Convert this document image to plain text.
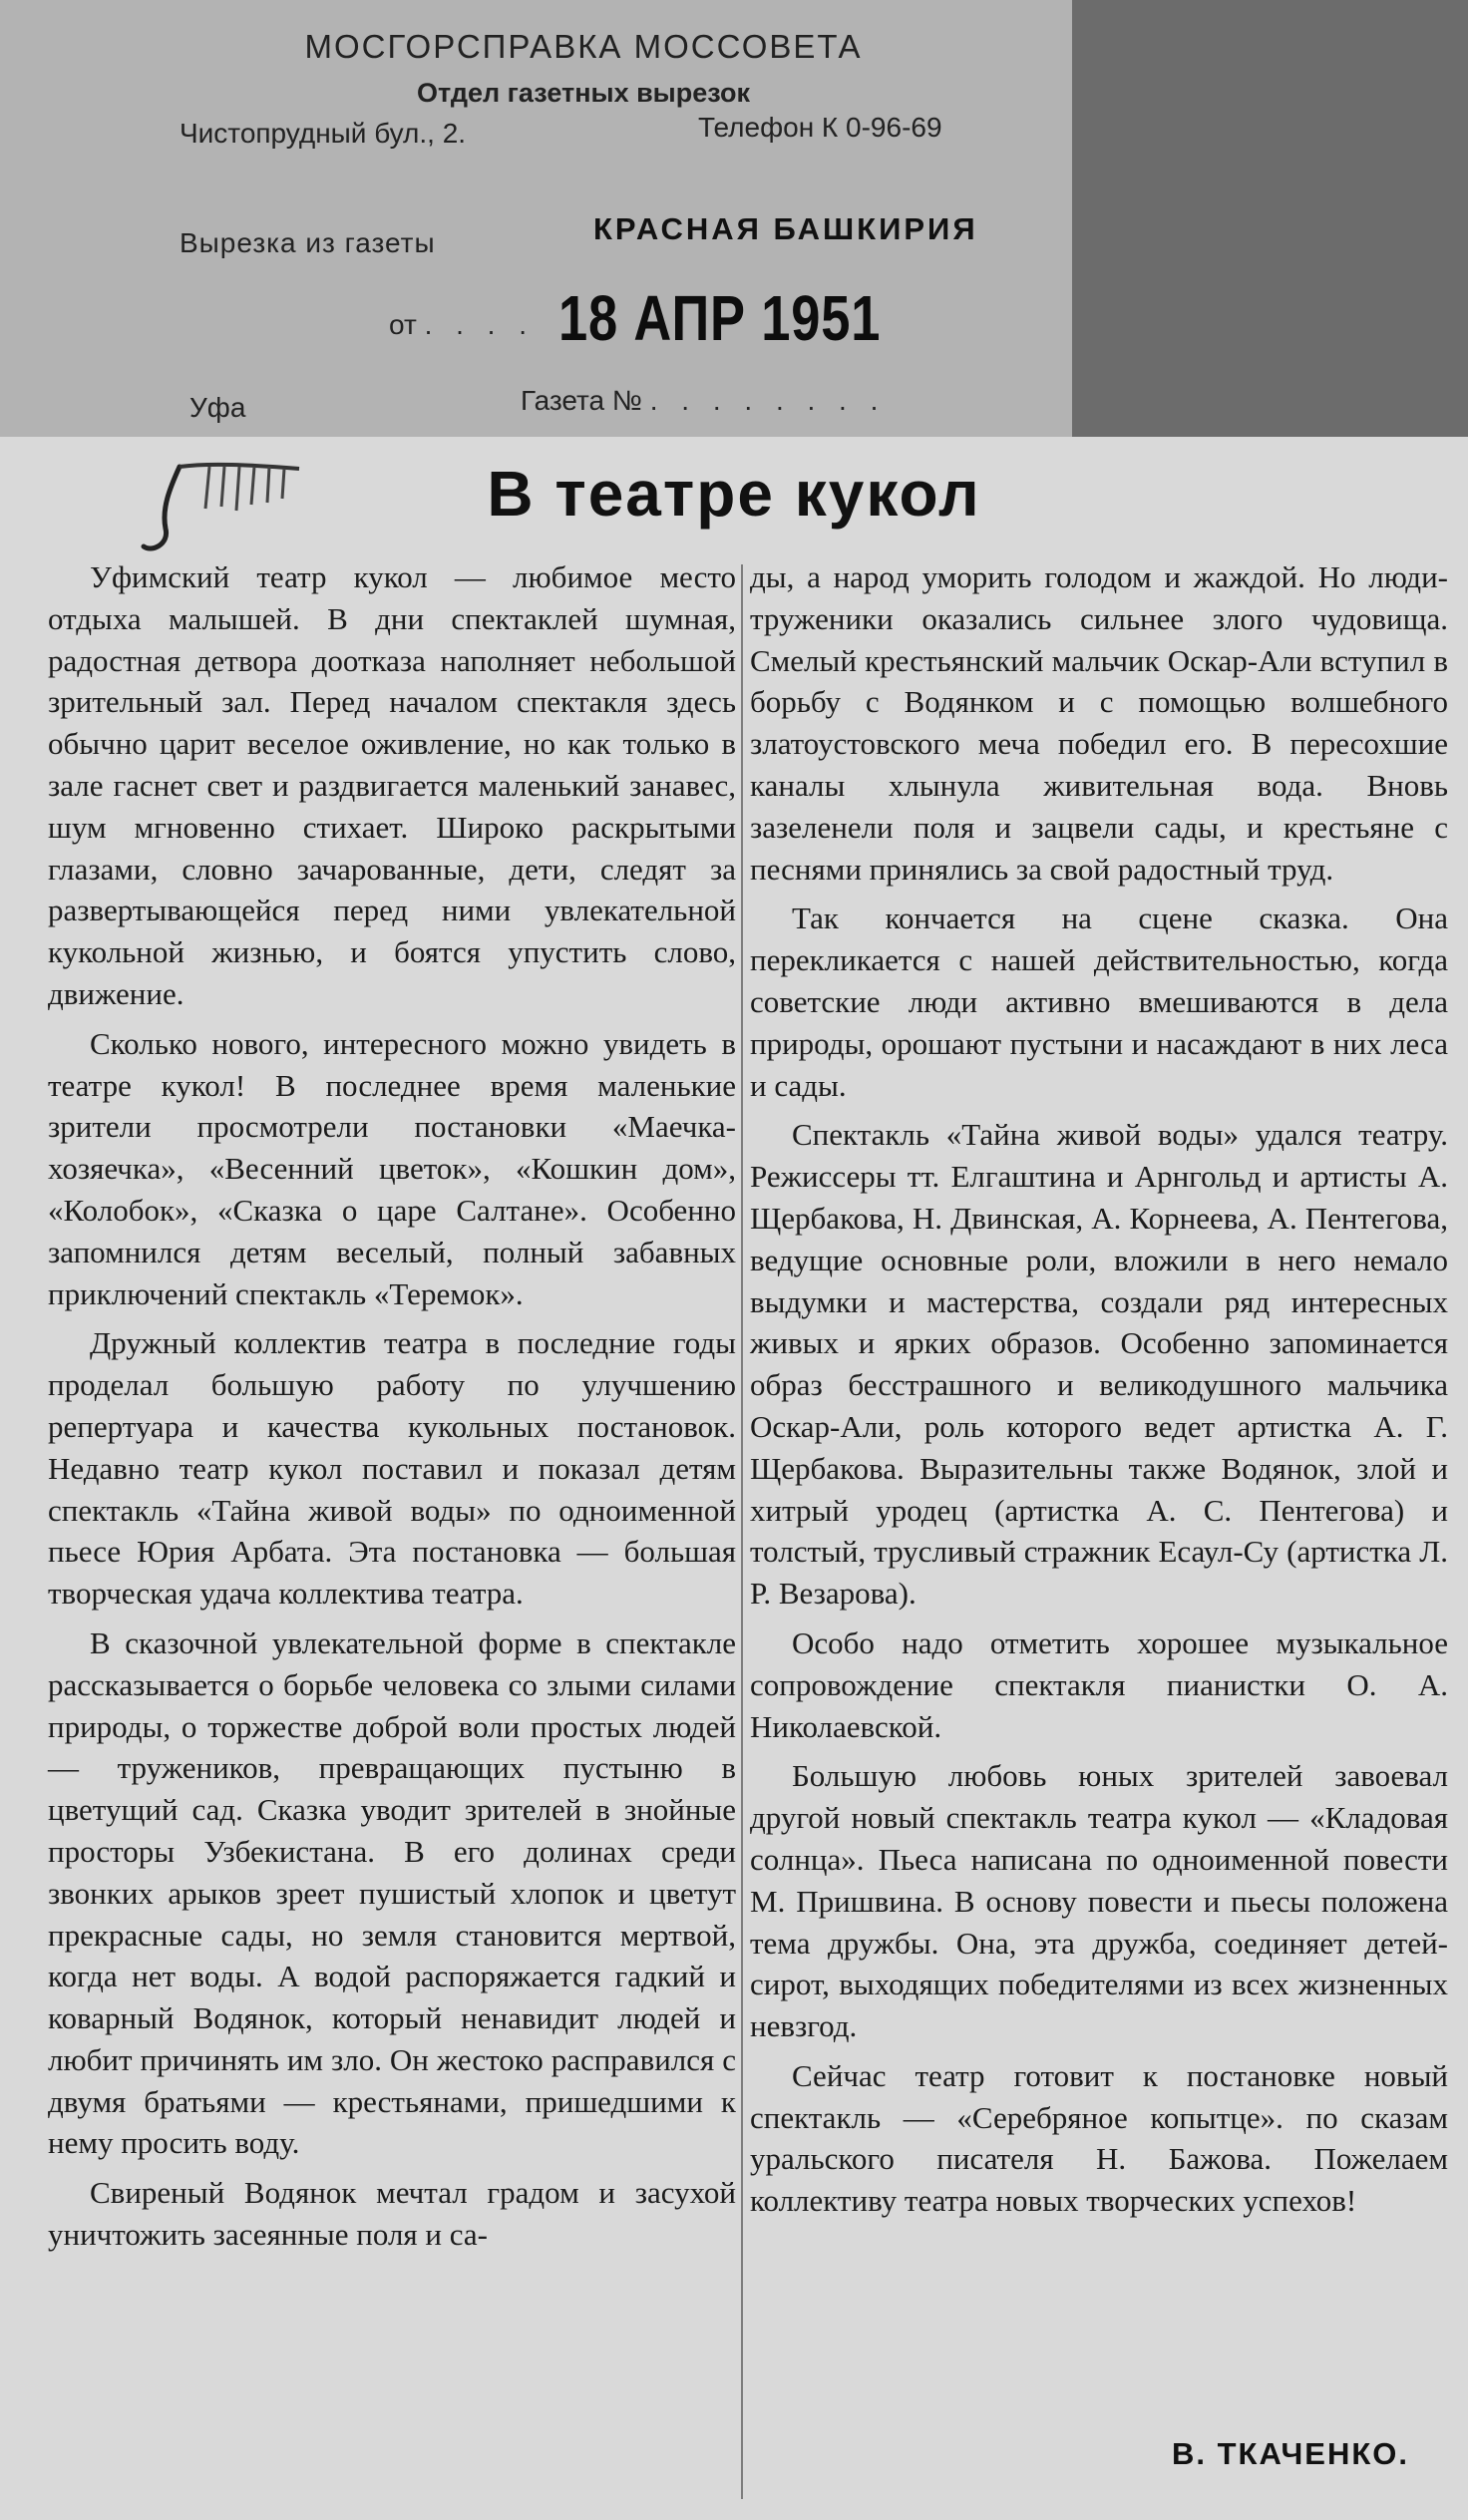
МОСГОРСПРАВКА МОССОВЕТА
Отдел газетных вырезок
Чистопрудный бул., 2.	Телефон К 0-96-69
Вырезка из газеты	КРАСНАЯ БАШКИРИЯ
от . . . . 18 АПР 1951
Уфа	Газета № . . . . . . . .
В театре кукол

Уфимский театр кукол — любимое место отдыха малышей. В дни спектаклей шумная, радостная детвора доотказа наполняет небольшой зрительный зал. Перед началом спектакля здесь обычно царит веселое оживление, но как только в зале гаснет свет и раздвигается маленький занавес, шум мгновенно стихает. Широко раскрытыми глазами, словно зачарованные, дети, следят за развертывающейся перед ними увлекательной кукольной жизнью, и боятся упустить слово, движение.

Сколько нового, интересного можно увидеть в театре кукол! В последнее время маленькие зрители просмотрели постановки «Маечка-хозяечка», «Весенний цветок», «Кошкин дом», «Колобок», «Сказка о царе Салтане». Особенно запомнился детям веселый, полный забавных приключений спектакль «Теремок».

Дружный коллектив театра в последние годы проделал большую работу по улучшению репертуара и качества кукольных постановок. Недавно театр кукол поставил и показал детям спектакль «Тайна живой воды» по одноименной пьесе Юрия Арбата. Эта постановка — большая творческая удача коллектива театра.

В сказочной увлекательной форме в спектакле рассказывается о борьбе человека со злыми силами природы, о торжестве доброй воли простых людей — тружеников, превращающих пустыню в цветущий сад. Сказка уводит зрителей в знойные просторы Узбекистана. В его долинах среди звонких арыков зреет пушистый хлопок и цветут прекрасные сады, но земля становится мертвой, когда нет воды. А водой распоряжается гадкий и коварный Водянок, который ненавидит людей и любит причинять им зло. Он жестоко расправился с двумя братьями — крестьянами, пришедшими к нему просить воду.

Свиреный Водянок мечтал градом и засухой уничтожить засеянные поля и са-

ды, а народ уморить голодом и жаждой. Но люди-труженики оказались сильнее злого чудовища. Смелый крестьянский мальчик Оскар-Али вступил в борьбу с Водянком и с помощью волшебного златоустовского меча победил его. В пересохшие каналы хлынула живительная вода. Вновь зазеленели поля и зацвели сады, и крестьяне с песнями принялись за свой радостный труд.

Так кончается на сцене сказка. Она перекликается с нашей действительностью, когда советские люди активно вмешиваются в дела природы, орошают пустыни и насаждают в них леса и сады.

Спектакль «Тайна живой воды» удался театру. Режиссеры тт. Елгаштина и Арнгольд и артисты А. Щербакова, Н. Двинская, А. Корнеева, А. Пентегова, ведущие основные роли, вложили в него немало выдумки и мастерства, создали ряд интересных живых и ярких образов. Особенно запоминается образ бесстрашного и великодушного мальчика Оскар-Али, роль которого ведет артистка А. Г. Щербакова. Выразительны также Водянок, злой и хитрый уродец (артистка А. С. Пентегова) и толстый, трусливый стражник Есаул-Су (артистка Л. Р. Везарова).

Особо надо отметить хорошее музыкальное сопровождение спектакля пианистки О. А. Николаевской.

Большую любовь юных зрителей завоевал другой новый спектакль театра кукол — «Кладовая солнца». Пьеса написана по одноименной повести М. Пришвина. В основу повести и пьесы положена тема дружбы. Она, эта дружба, соединяет детей-сирот, выходящих победителями из всех жизненных невзгод.

Сейчас театр готовит к постановке новый спектакль — «Серебряное копытце». по сказам уральского писателя Н. Бажова. Пожелаем коллективу театра новых творческих успехов!

В. ТКАЧЕНКО.
